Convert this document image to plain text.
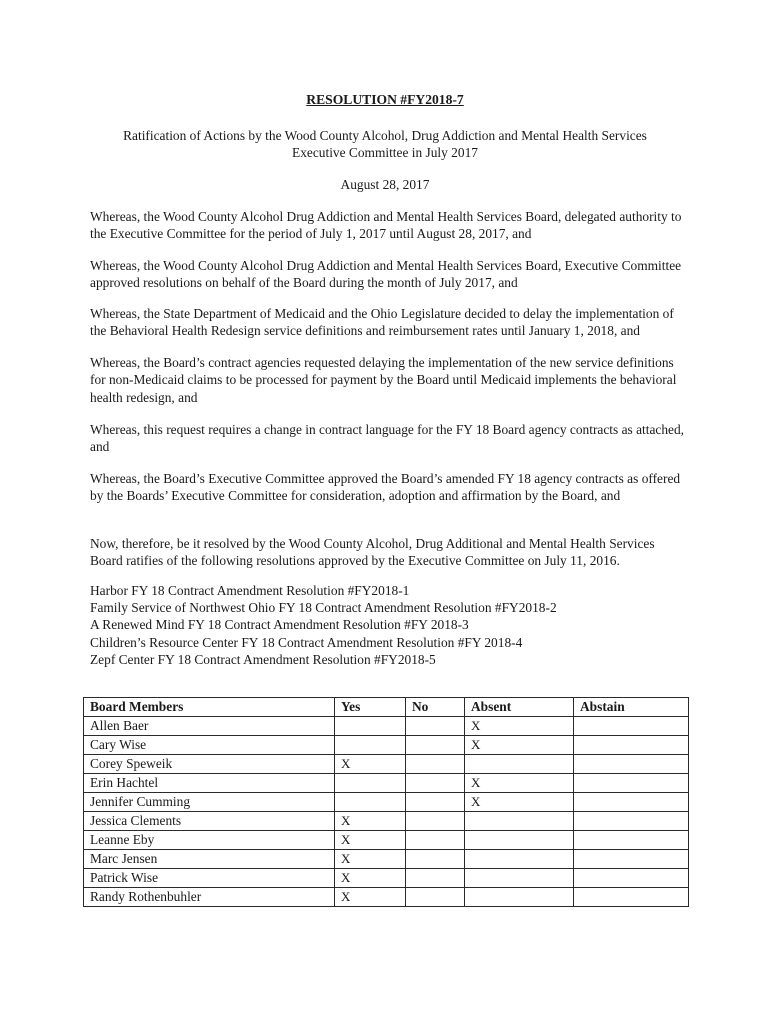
RESOLUTION #FY2018-7
Ratification of Actions by the Wood County Alcohol, Drug Addiction and Mental Health Services
Executive Committee in July 2017
August 28, 2017
Whereas, the Wood County Alcohol Drug Addiction and Mental Health Services Board, delegated authority to the Executive Committee for the period of July 1, 2017 until August 28, 2017, and
Whereas, the Wood County Alcohol Drug Addiction and Mental Health Services Board, Executive Committee approved resolutions on behalf of the Board during the month of July 2017, and
Whereas, the State Department of Medicaid and the Ohio Legislature decided to delay the implementation of the Behavioral Health Redesign service definitions and reimbursement rates until January 1, 2018, and
Whereas, the Board’s contract agencies requested delaying the implementation of the new service definitions for non-Medicaid claims to be processed for payment by the Board until Medicaid implements the behavioral health redesign, and
Whereas, this request requires a change in contract language for the FY 18 Board agency contracts as attached, and
Whereas, the Board’s Executive Committee approved the Board’s amended FY 18 agency contracts as offered by the Boards’ Executive Committee for consideration, adoption and affirmation by the Board, and
Now, therefore, be it resolved by the Wood County Alcohol, Drug Additional and Mental Health Services Board ratifies of the following resolutions approved by the Executive Committee on July 11, 2016.
Harbor FY 18 Contract Amendment Resolution #FY2018-1
Family Service of Northwest Ohio FY 18 Contract Amendment Resolution #FY2018-2
A Renewed Mind FY 18 Contract Amendment Resolution #FY 2018-3
Children’s Resource Center FY 18 Contract Amendment Resolution #FY 2018-4
Zepf Center FY 18 Contract Amendment Resolution #FY2018-5
Board Members	Yes	No	Absent	Abstain
Allen Baer			X	
Cary Wise			X	
Corey Speweik	X			
Erin Hachtel			X	
Jennifer Cumming			X	
Jessica Clements	X			
Leanne Eby	X			
Marc Jensen	X			
Patrick Wise	X			
Randy Rothenbuhler	X			
